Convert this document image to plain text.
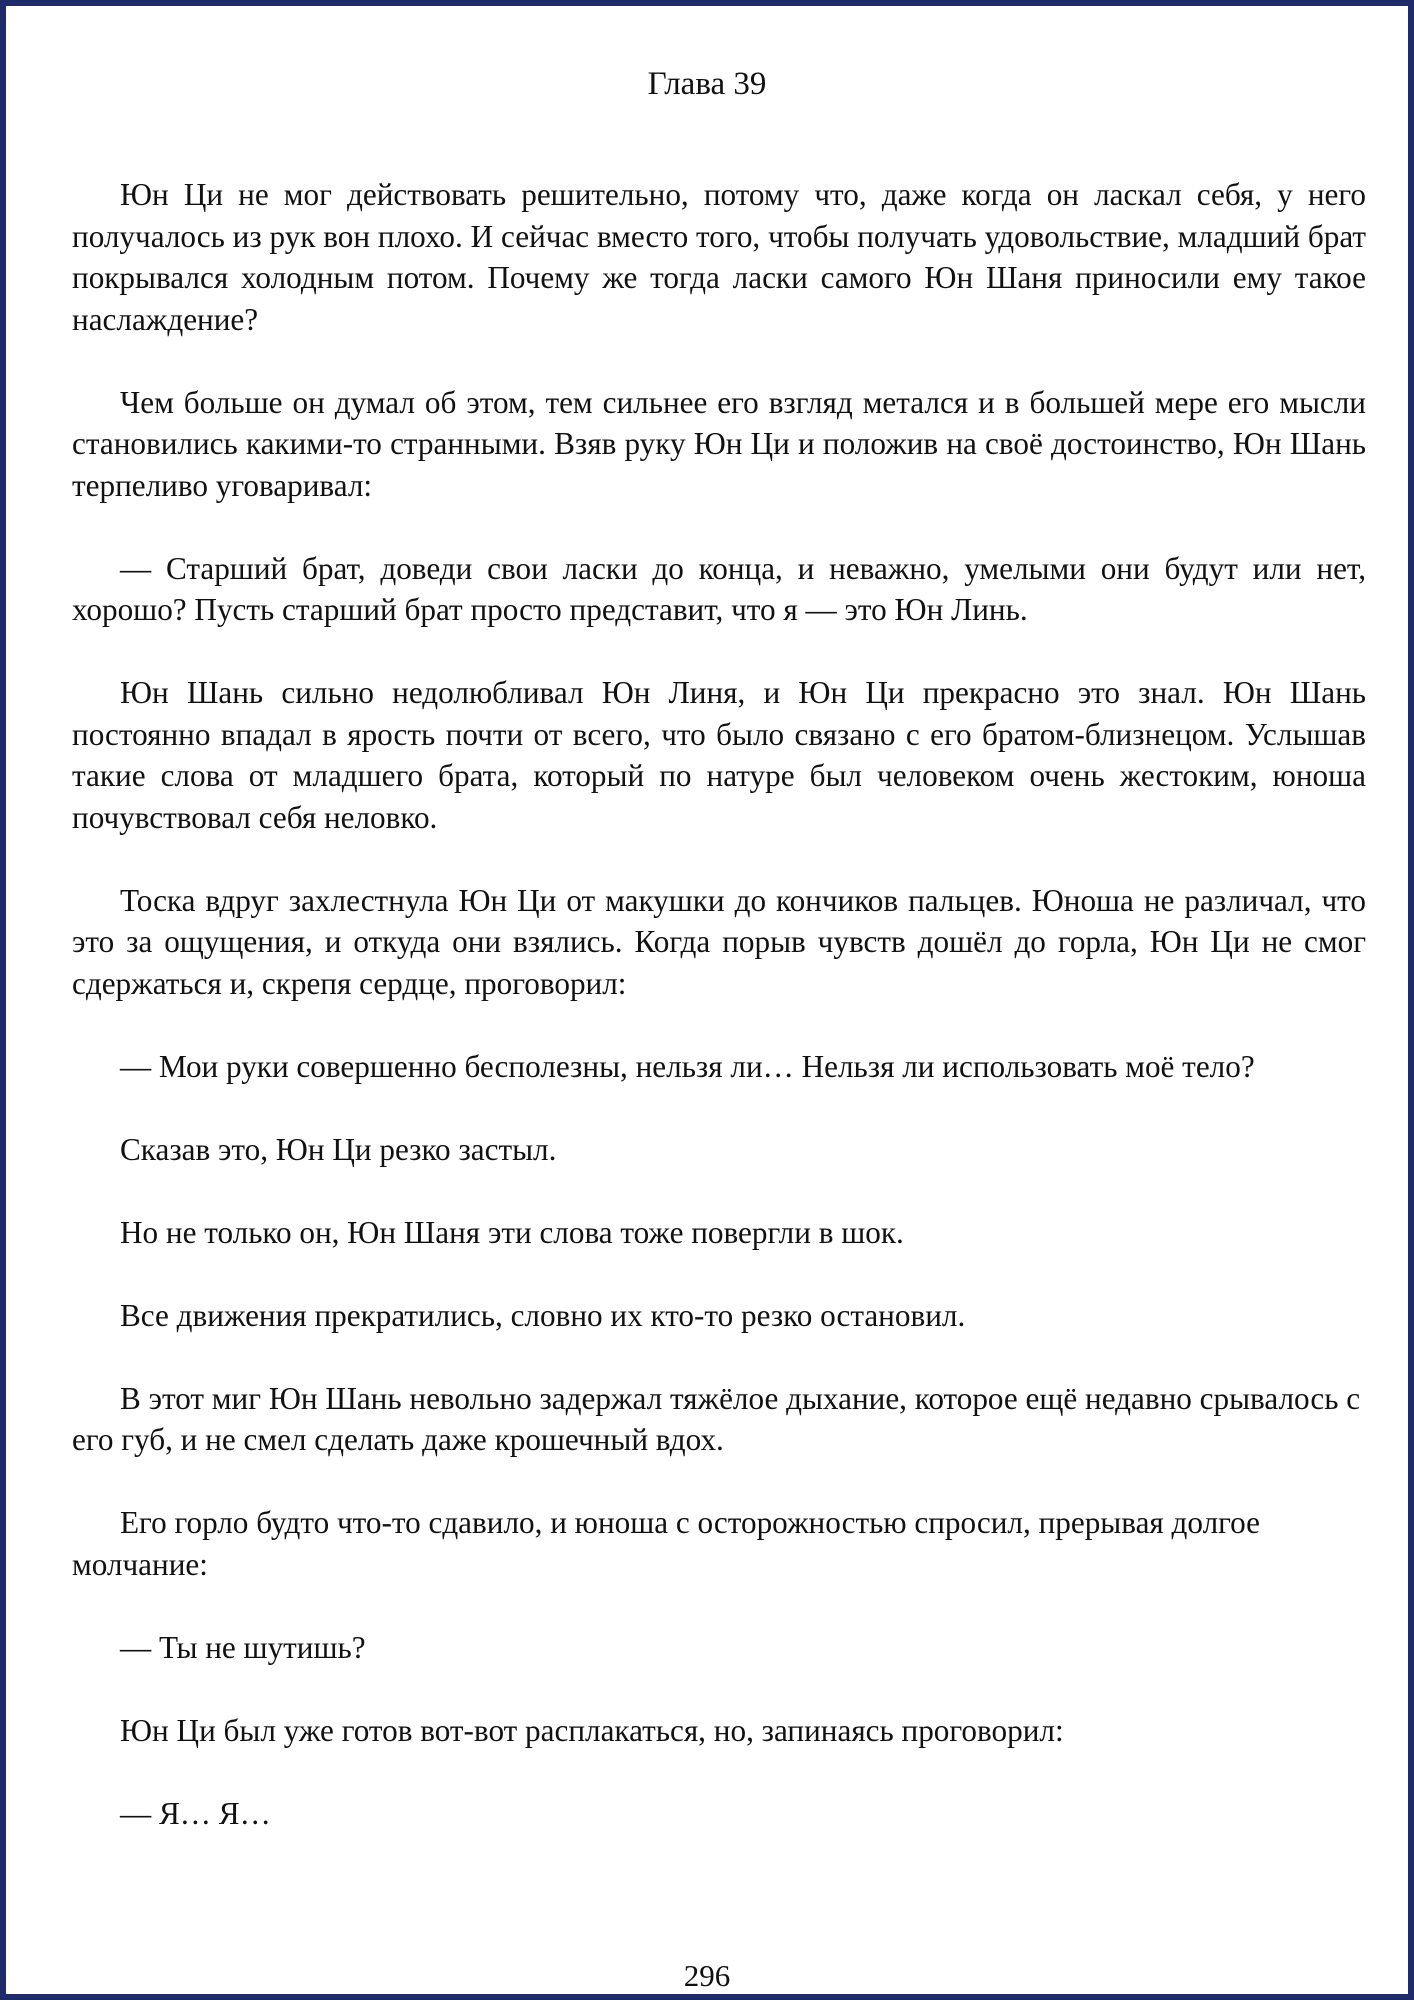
Глава 39

Юн Ци не мог действовать решительно, потому что, даже когда он ласкал себя, у него получалось из рук вон плохо. И сейчас вместо того, чтобы получать удовольствие, младший брат покрывался холодным потом. Почему же тогда ласки самого Юн Шаня приносили ему такое наслаждение?

Чем больше он думал об этом, тем сильнее его взгляд метался и в большей мере его мысли становились какими-то странными. Взяв руку Юн Ци и положив на своё достоинство, Юн Шань терпеливо уговаривал:

— Старший брат, доведи свои ласки до конца, и неважно, умелыми они будут или нет, хорошо? Пусть старший брат просто представит, что я — это Юн Линь.

Юн Шань сильно недолюбливал Юн Линя, и Юн Ци прекрасно это знал. Юн Шань постоянно впадал в ярость почти от всего, что было связано с его братом-близнецом. Услышав такие слова от младшего брата, который по натуре был человеком очень жестоким, юноша почувствовал себя неловко.

Тоска вдруг захлестнула Юн Ци от макушки до кончиков пальцев. Юноша не различал, что это за ощущения, и откуда они взялись. Когда порыв чувств дошёл до горла, Юн Ци не смог сдержаться и, скрепя сердце, проговорил:

— Мои руки совершенно бесполезны, нельзя ли… Нельзя ли использовать моё тело?

Сказав это, Юн Ци резко застыл.

Но не только он, Юн Шаня эти слова тоже повергли в шок.

Все движения прекратились, словно их кто-то резко остановил.

В этот миг Юн Шань невольно задержал тяжёлое дыхание, которое ещё недавно срывалось с его губ, и не смел сделать даже крошечный вдох.

Его горло будто что-то сдавило, и юноша с осторожностью спросил, прерывая долгое молчание:

— Ты не шутишь?

Юн Ци был уже готов вот-вот расплакаться, но, запинаясь проговорил:

— Я… Я…

296
